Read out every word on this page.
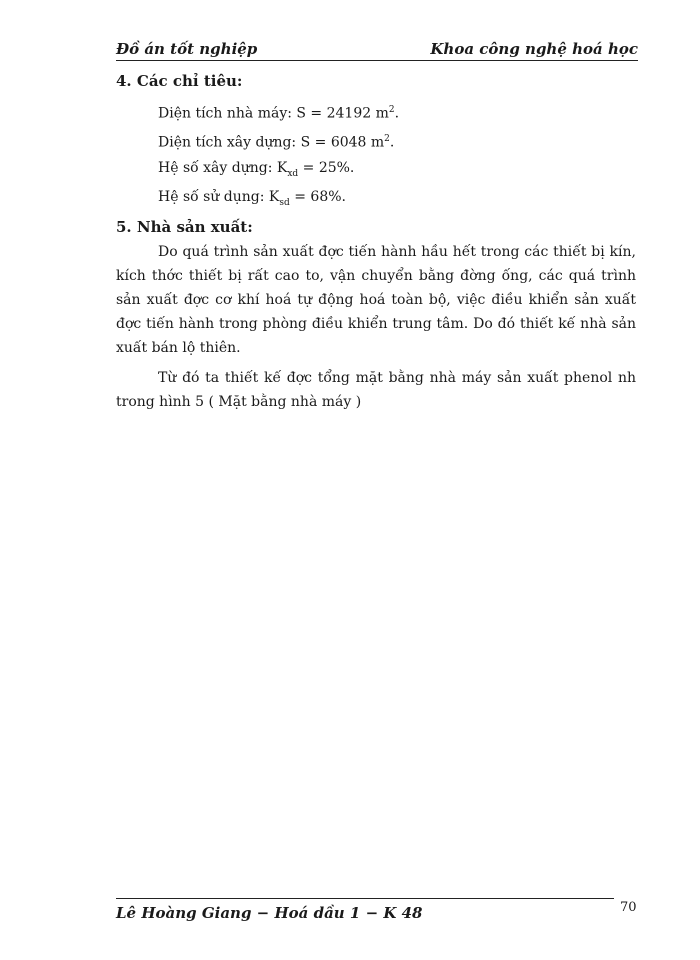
Đồ án tốt nghiệp	Khoa công nghệ hoá học

4. Các chỉ tiêu:

Diện tích nhà máy: S = 24192 $m^2$.
Diện tích xây dựng: S = 6048 $m^2$.
Hệ số xây dựng: $K_{xd} = 25\%$.
Hệ số sử dụng: $K_{sd} = 68\%$.

5. Nhà sản xuất:

Do quá trình sản xuất đợc tiến hành hầu hết trong các thiết bị kín, kích thớc thiết bị rất cao to, vận chuyển bằng đờng ống, các quá trình sản xuất đợc cơ khí hoá tự động hoá toàn bộ, việc điều khiển sản xuất đợc tiến hành trong phòng điều khiển trung tâm. Do đó thiết kế nhà sản xuất bán lộ thiên.

Từ đó ta thiết kế đợc tổng mặt bằng nhà máy sản xuất phenol nh trong hình 5 ( Mặt bằng nhà máy )

Lê Hoàng Giang − Hoá dầu 1 − K 48	70
